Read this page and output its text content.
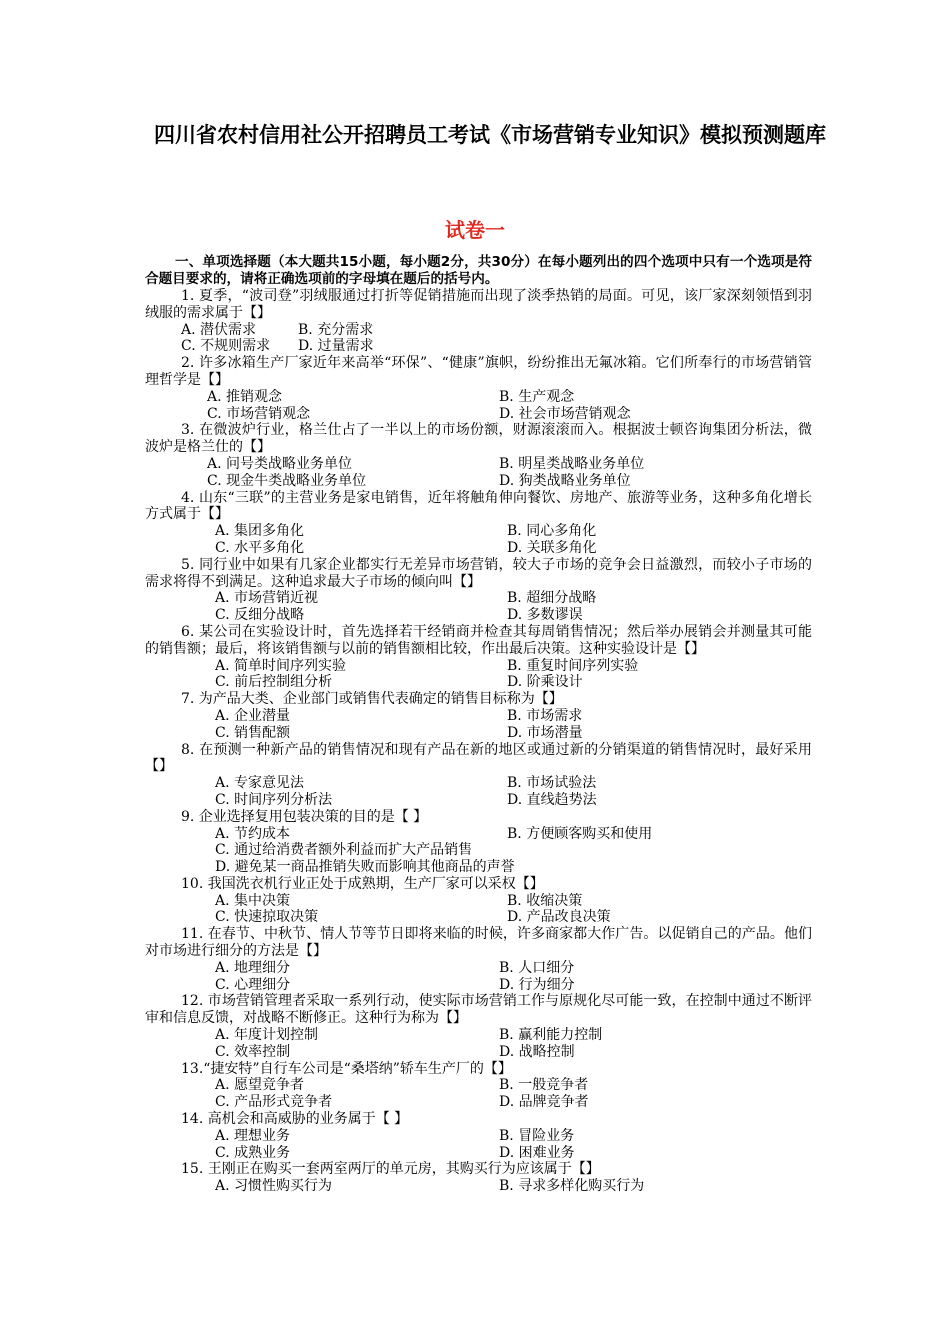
四川省农村信用社公开招聘员工考试《市场营销专业知识》模拟预测题库
试卷一
一、单项选择题（本大题共15小题，每小题2分，共30分）在每小题列出的四个选项中只有一个选项是符合题目要求的，请将正确选项前的字母填在题后的括号内。

1. 夏季，“波司登”羽绒服通过打折等促销措施而出现了淡季热销的局面。可见，该厂家深刻领悟到羽绒服的需求属于【】

A. 潜伏需求	B. 充分需求
C. 不规则需求	D. 过量需求

2. 许多冰箱生产厂家近年来高举“环保”、“健康”旗帜，纷纷推出无氟冰箱。它们所奉行的市场营销管理哲学是【】

A. 推销观念	B. 生产观念
C. 市场营销观念	D. 社会市场营销观念

3. 在微波炉行业，格兰仕占了一半以上的市场份额，财源滚滚而入。根据波士顿咨询集团分析法，微波炉是格兰仕的【】

A. 问号类战略业务单位	B. 明星类战略业务单位
C. 现金牛类战略业务单位	D. 狗类战略业务单位

4. 山东“三联”的主营业务是家电销售，近年将触角伸向餐饮、房地产、旅游等业务，这种多角化增长方式属于【】

A. 集团多角化	B. 同心多角化
C. 水平多角化	D. 关联多角化

5. 同行业中如果有几家企业都实行无差异市场营销，较大子市场的竞争会日益激烈，而较小子市场的需求将得不到满足。这种追求最大子市场的倾向叫【】

A. 市场营销近视	B. 超细分战略
C. 反细分战略	D. 多数谬误

6. 某公司在实验设计时，首先选择若干经销商并检查其每周销售情况；然后举办展销会并测量其可能的销售额；最后，将该销售额与以前的销售额相比较，作出最后决策。这种实验设计是【】

A. 简单时间序列实验	B. 重复时间序列实验
C. 前后控制组分析	D. 阶乘设计

7. 为产品大类、企业部门或销售代表确定的销售目标称为【】

A. 企业潜量	B. 市场需求
C. 销售配额	D. 市场潜量

8. 在预测一种新产品的销售情况和现有产品在新的地区或通过新的分销渠道的销售情况时，最好采用【】

A. 专家意见法	B. 市场试验法
C. 时间序列分析法	D. 直线趋势法

9. 企业选择复用包装决策的目的是【 】

A. 节约成本	B. 方便顾客购买和使用
C. 通过给消费者额外利益而扩大产品销售
D. 避免某一商品推销失败而影响其他商品的声誉

10. 我国洗衣机行业正处于成熟期，生产厂家可以采权【】

A. 集中决策	B. 收缩决策
C. 快速掠取决策	D. 产品改良决策

11. 在春节、中秋节、情人节等节日即将来临的时候，许多商家都大作广告。以促销自己的产品。他们对市场进行细分的方法是【】

A. 地理细分	B. 人口细分
C. 心理细分	D. 行为细分

12. 市场营销管理者采取一系列行动，使实际市场营销工作与原规化尽可能一致，在控制中通过不断评审和信息反馈，对战略不断修正。这种行为称为【】

A. 年度计划控制	B. 赢利能力控制
C. 效率控制	D. 战略控制

13.“捷安特”自行车公司是“桑塔纳”轿车生产厂的【】

A. 愿望竞争者	B. 一般竞争者
C. 产品形式竞争者	D. 品牌竞争者

14. 高机会和高威胁的业务属于【 】

A. 理想业务	B. 冒险业务
C. 成熟业务	D. 困难业务

15. 王刚正在购买一套两室两厅的单元房，其购买行为应该属于【】

A. 习惯性购买行为	B. 寻求多样化购买行为
